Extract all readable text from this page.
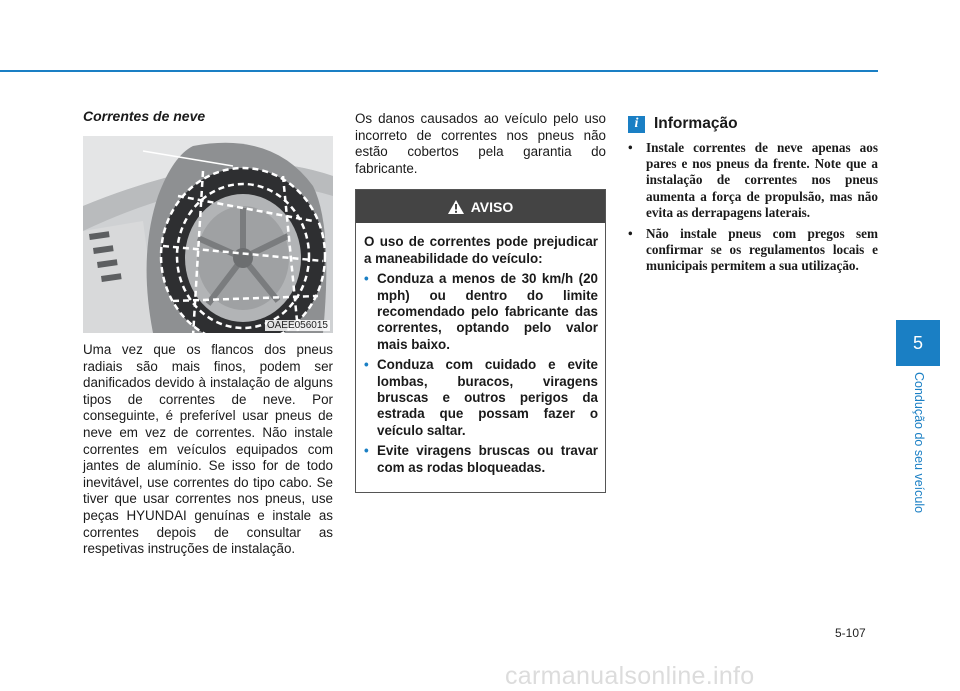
Correntes de neve
OAEE056015

Uma vez que os flancos dos pneus radiais são mais finos, podem ser danificados devido à instalação de alguns tipos de correntes de neve. Por conseguinte, é preferível usar pneus de neve em vez de correntes. Não instale correntes em veículos equipados com jantes de alumínio. Se isso for de todo inevitável, use correntes do tipo cabo. Se tiver que usar correntes nos pneus, use peças HYUNDAI genuínas e instale as correntes depois de consultar as respetivas instruções de instalação.

Os danos causados ao veículo pelo uso incorreto de correntes nos pneus não estão cobertos pela garantia do fabricante.

AVISO
O uso de correntes pode prejudicar a maneabilidade do veículo:
• Conduza a menos de 30 km/h (20 mph) ou dentro do limite recomendado pelo fabricante das correntes, optando pelo valor mais baixo.
• Conduza com cuidado e evite lombas, buracos, viragens bruscas e outros perigos da estrada que possam fazer o veículo saltar.
• Evite viragens bruscas ou travar com as rodas bloqueadas.
i	Informação
• Instale correntes de neve apenas aos pares e nos pneus da frente. Note que a instalação de correntes nos pneus aumenta a força de propulsão, mas não evita as derrapagens laterais.
• Não instale pneus com pregos sem confirmar se os regulamentos locais e municipais permitem a sua utilização.
5
Condução do seu veículo
5-107
carmanualsonline.info
